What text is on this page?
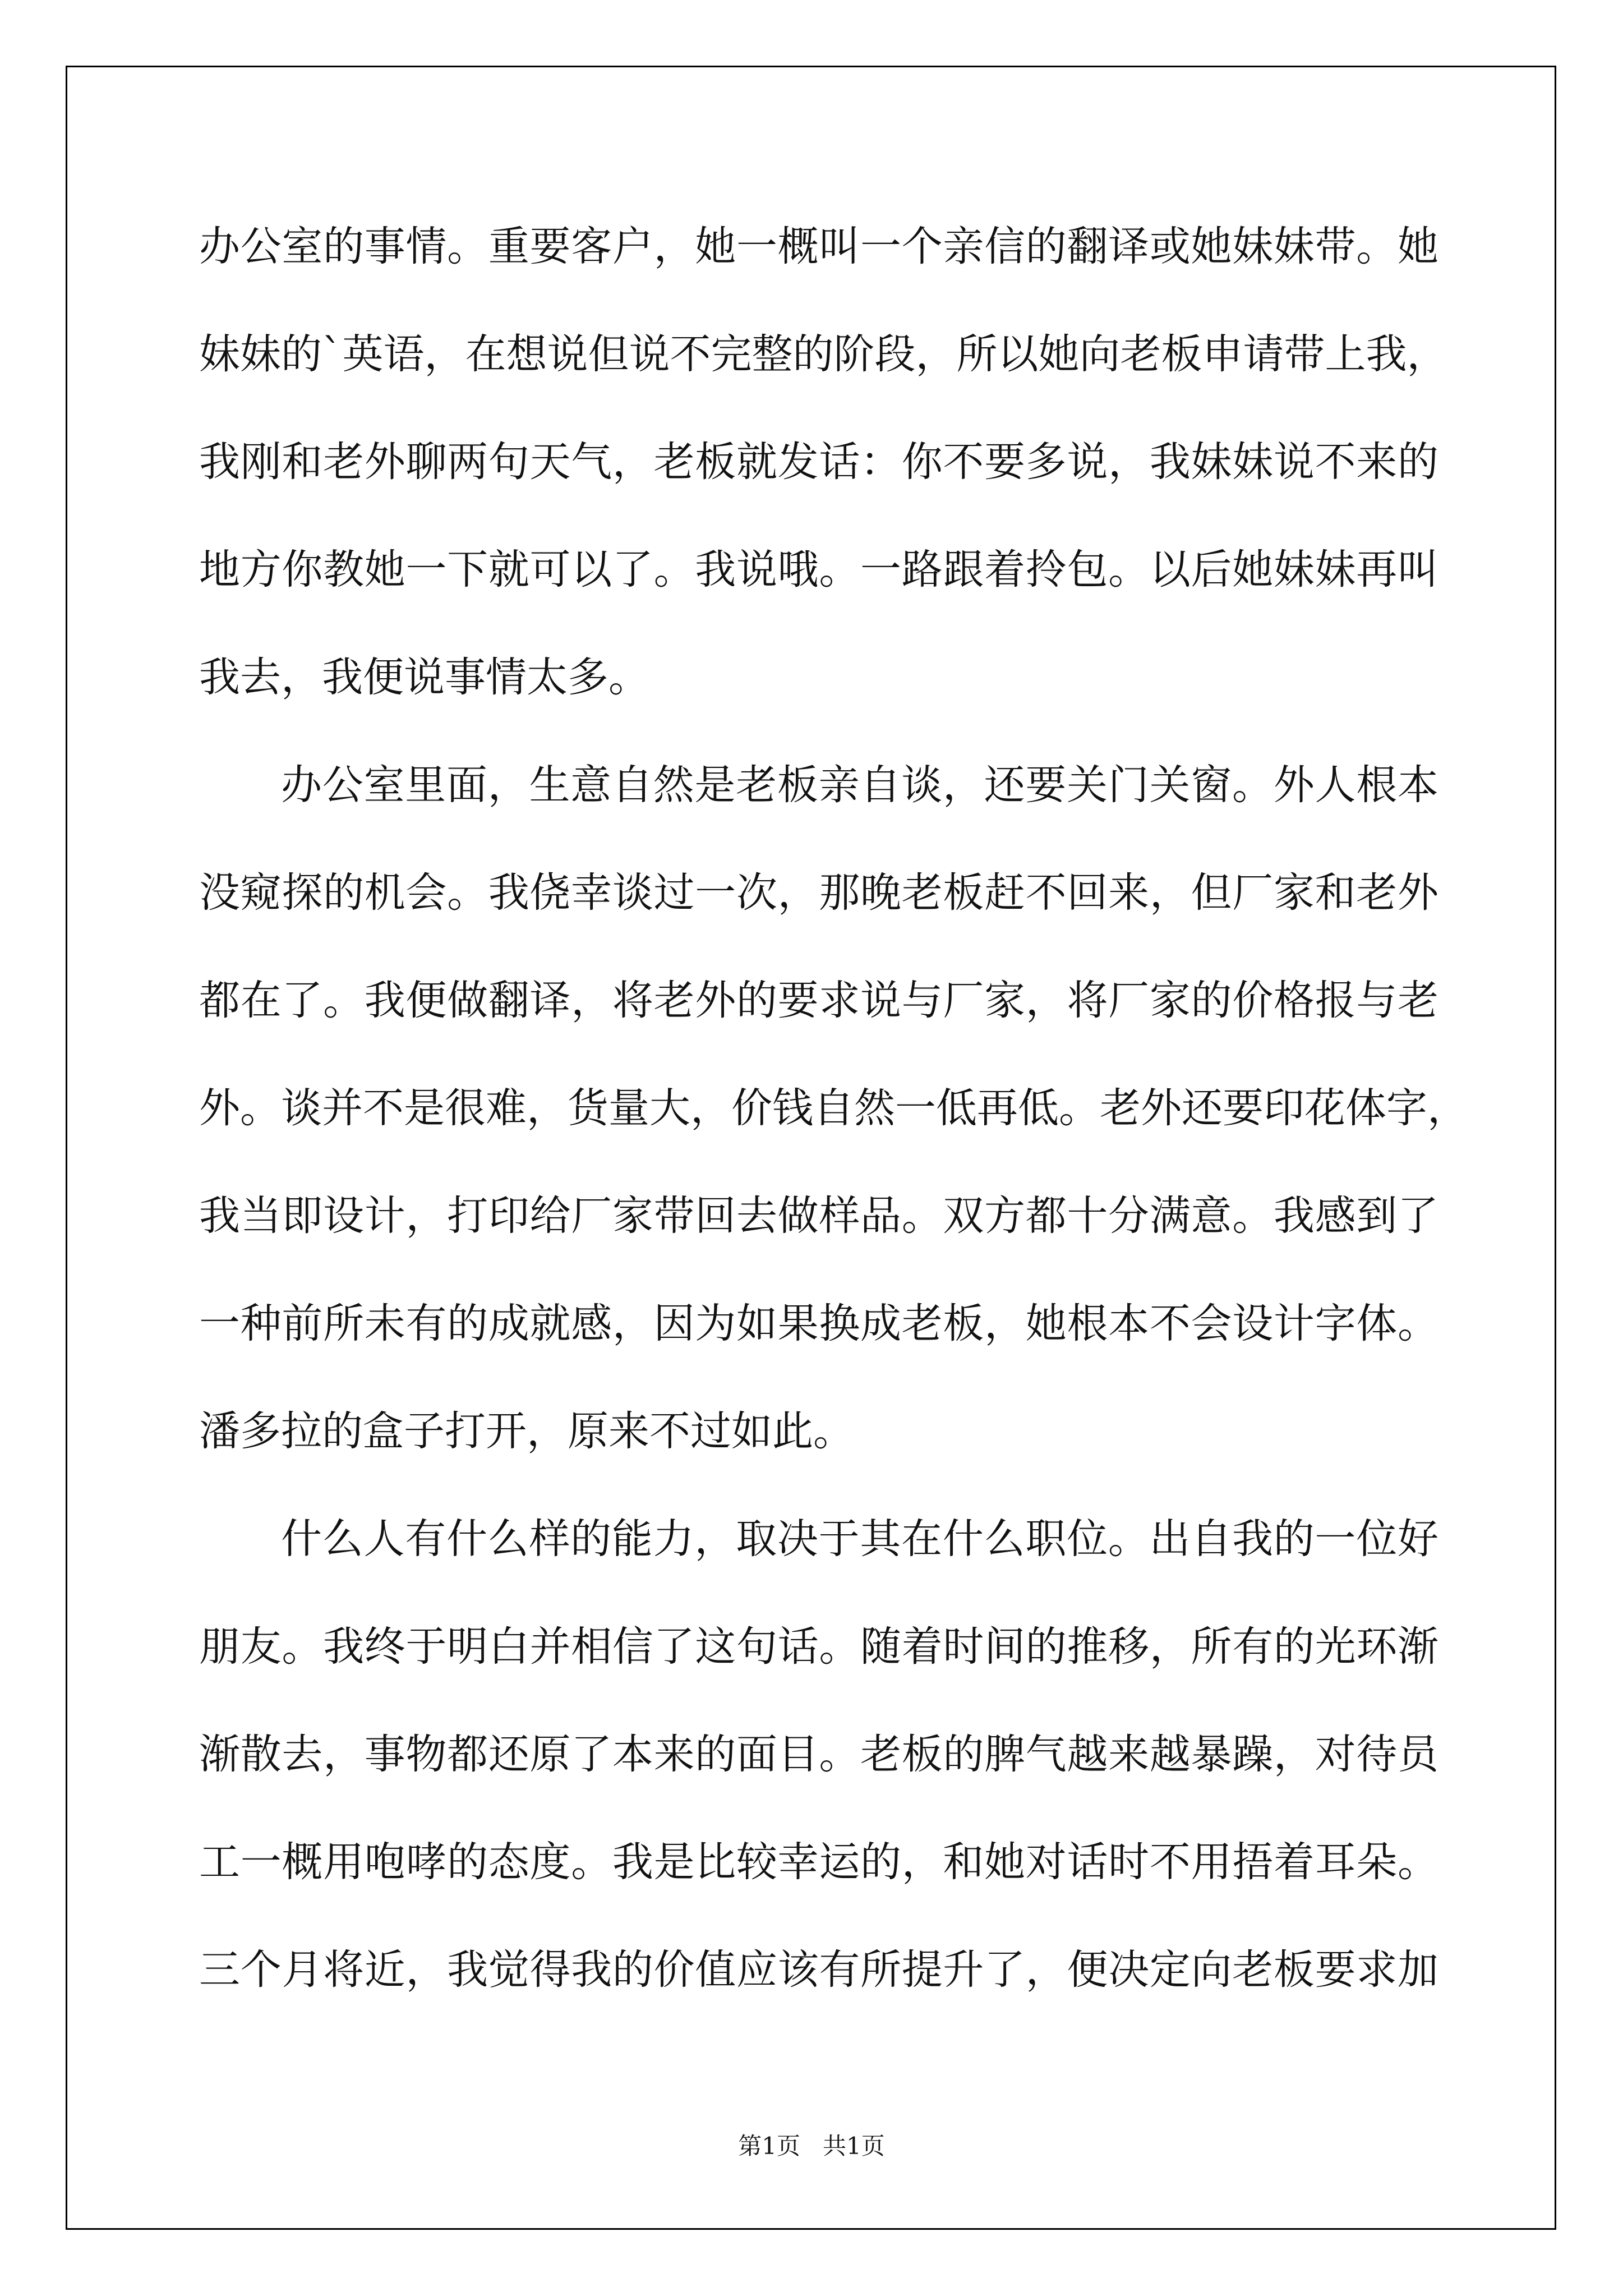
办公室的事情。重要客户，她一概叫一个亲信的翻译或她妹妹带。她
妹妹的`英语，在想说但说不完整的阶段，所以她向老板申请带上我，
我刚和老外聊两句天气，老板就发话：你不要多说，我妹妹说不来的
地方你教她一下就可以了。我说哦。一路跟着拎包。以后她妹妹再叫
我去，我便说事情太多。
办公室里面，生意自然是老板亲自谈，还要关门关窗。外人根本
没窥探的机会。我侥幸谈过一次，那晚老板赶不回来，但厂家和老外
都在了。我便做翻译，将老外的要求说与厂家，将厂家的价格报与老
外。谈并不是很难，货量大，价钱自然一低再低。老外还要印花体字，
我当即设计，打印给厂家带回去做样品。双方都十分满意。我感到了
一种前所未有的成就感，因为如果换成老板，她根本不会设计字体。
潘多拉的盒子打开，原来不过如此。
什么人有什么样的能力，取决于其在什么职位。出自我的一位好
朋友。我终于明白并相信了这句话。随着时间的推移，所有的光环渐
渐散去，事物都还原了本来的面目。老板的脾气越来越暴躁，对待员
工一概用咆哮的态度。我是比较幸运的，和她对话时不用捂着耳朵。
三个月将近，我觉得我的价值应该有所提升了，便决定向老板要求加
第1页   共1页
